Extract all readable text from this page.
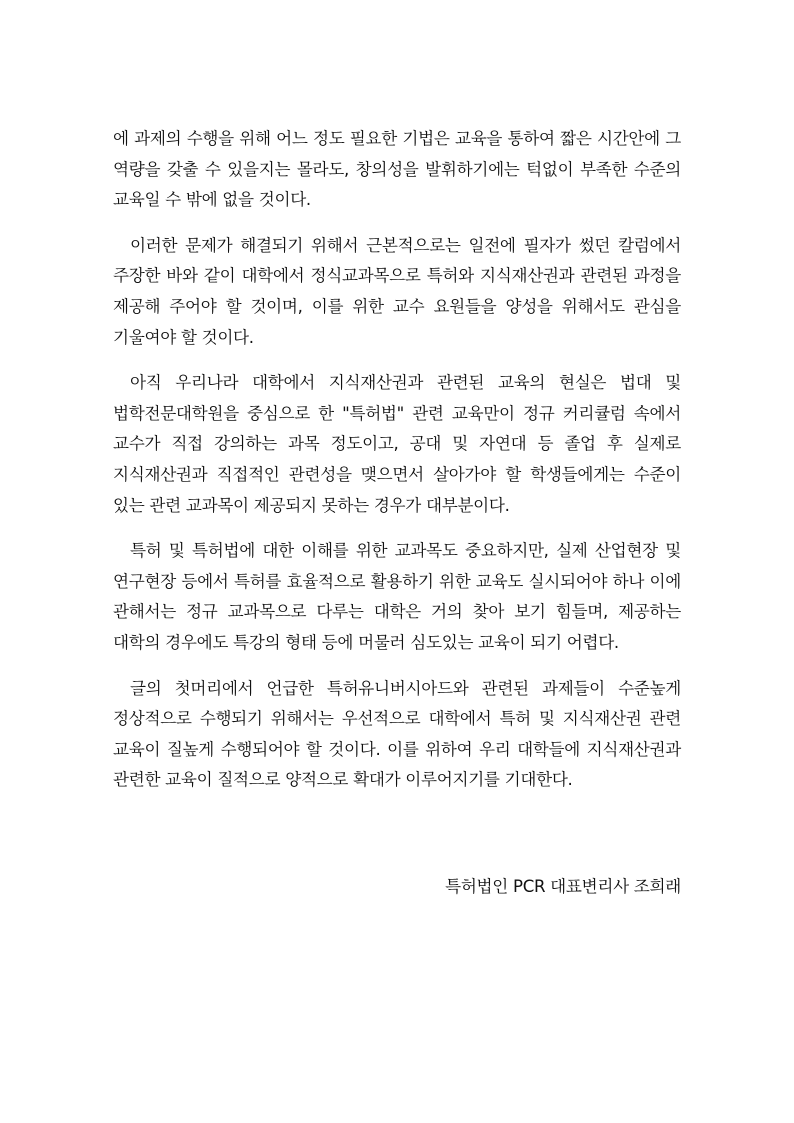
에 과제의 수행을 위해 어느 정도 필요한 기법은 교육을 통하여 짧은 시간안에 그 역량을 갖출 수 있을지는 몰라도, 창의성을 발휘하기에는 턱없이 부족한 수준의 교육일 수 밖에 없을 것이다.

이러한 문제가 해결되기 위해서 근본적으로는 일전에 필자가 썼던 칼럼에서 주장한 바와 같이 대학에서 정식교과목으로 특허와 지식재산권과 관련된 과정을 제공해 주어야 할 것이며, 이를 위한 교수 요원들을 양성을 위해서도 관심을 기울여야 할 것이다.

아직 우리나라 대학에서 지식재산권과 관련된 교육의 현실은 법대 및 법학전문대학원을 중심으로 한 "특허법" 관련 교육만이 정규 커리큘럼 속에서 교수가 직접 강의하는 과목 정도이고, 공대 및 자연대 등 졸업 후 실제로 지식재산권과 직접적인 관련성을 맺으면서 살아가야 할 학생들에게는 수준이 있는 관련 교과목이 제공되지 못하는 경우가 대부분이다.

특허 및 특허법에 대한 이해를 위한 교과목도 중요하지만, 실제 산업현장 및 연구현장 등에서 특허를 효율적으로 활용하기 위한 교육도 실시되어야 하나 이에 관해서는 정규 교과목으로 다루는 대학은 거의 찾아 보기 힘들며, 제공하는 대학의 경우에도 특강의 형태 등에 머물러 심도있는 교육이 되기 어렵다.

글의 첫머리에서 언급한 특허유니버시아드와 관련된 과제들이 수준높게 정상적으로 수행되기 위해서는 우선적으로 대학에서 특허 및 지식재산권 관련 교육이 질높게 수행되어야 할 것이다. 이를 위하여 우리 대학들에 지식재산권과 관련한 교육이 질적으로 양적으로 확대가 이루어지기를 기대한다.

특허법인 PCR 대표변리사 조희래
